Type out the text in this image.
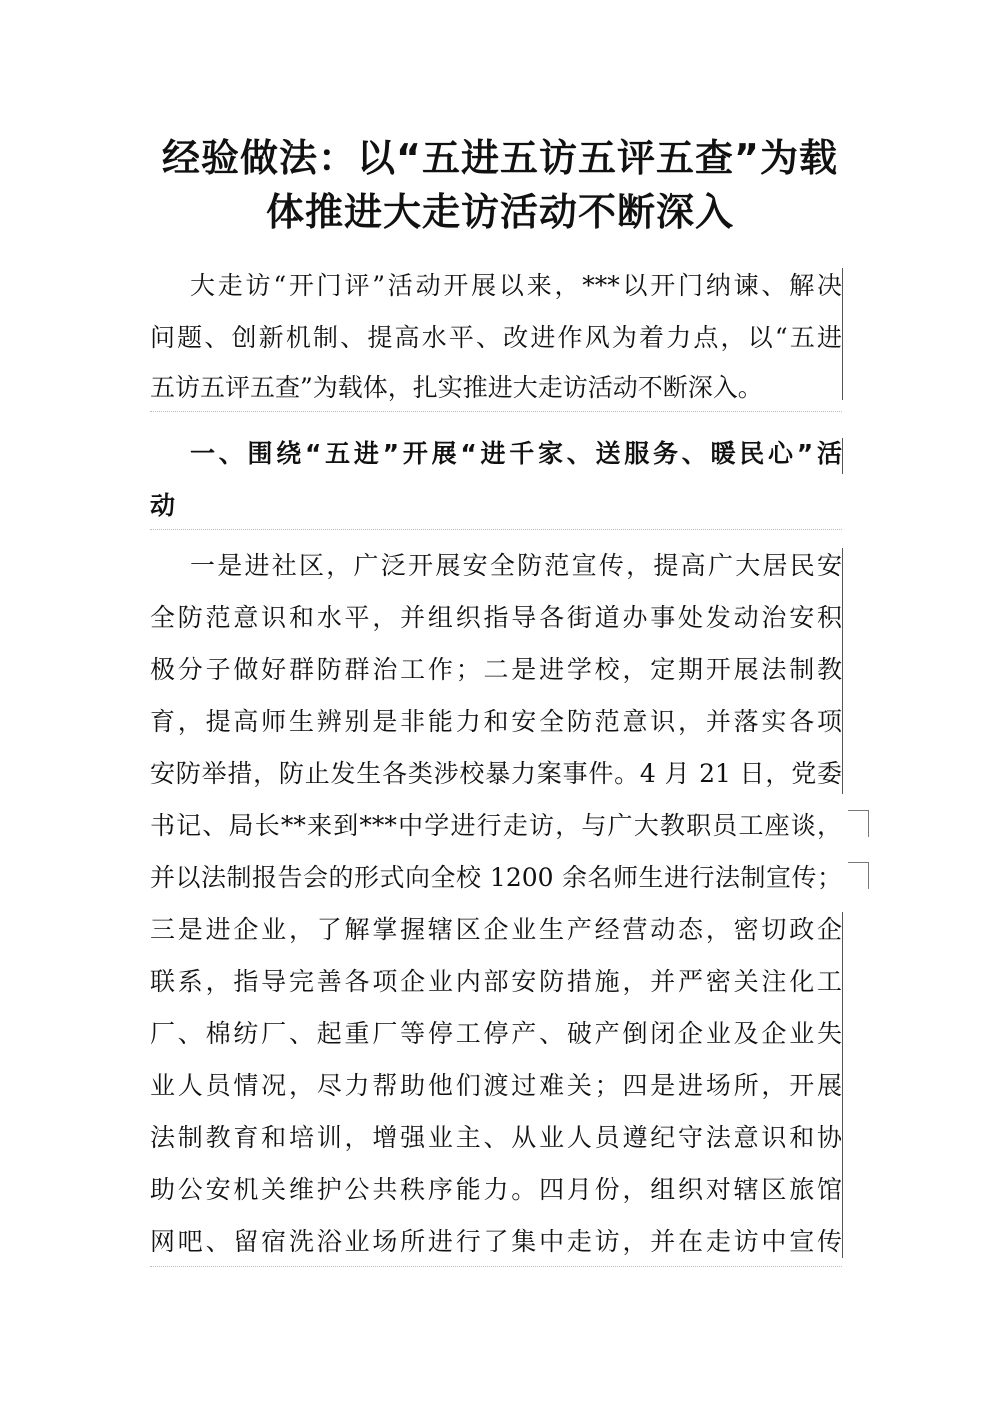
经验做法：以“五进五访五评五查”为载
体推进大走访活动不断深入
大走访“开门评”活动开展以来，***以开门纳谏、解决
问题、创新机制、提高水平、改进作风为着力点，以“五进
五访五评五查”为载体，扎实推进大走访活动不断深入。
一、围绕“五进”开展“进千家、送服务、暖民心”活
动
一是进社区，广泛开展安全防范宣传，提高广大居民安
全防范意识和水平，并组织指导各街道办事处发动治安积
极分子做好群防群治工作；二是进学校，定期开展法制教
育，提高师生辨别是非能力和安全防范意识，并落实各项
安防举措，防止发生各类涉校暴力案事件。4 月 21 日，党委
书记、局长**来到***中学进行走访，与广大教职员工座谈，
并以法制报告会的形式向全校 1200 余名师生进行法制宣传；
三是进企业，了解掌握辖区企业生产经营动态，密切政企
联系，指导完善各项企业内部安防措施，并严密关注化工
厂、棉纺厂、起重厂等停工停产、破产倒闭企业及企业失
业人员情况，尽力帮助他们渡过难关；四是进场所，开展
法制教育和培训，增强业主、从业人员遵纪守法意识和协
助公安机关维护公共秩序能力。四月份，组织对辖区旅馆
网吧、留宿洗浴业场所进行了集中走访，并在走访中宣传
